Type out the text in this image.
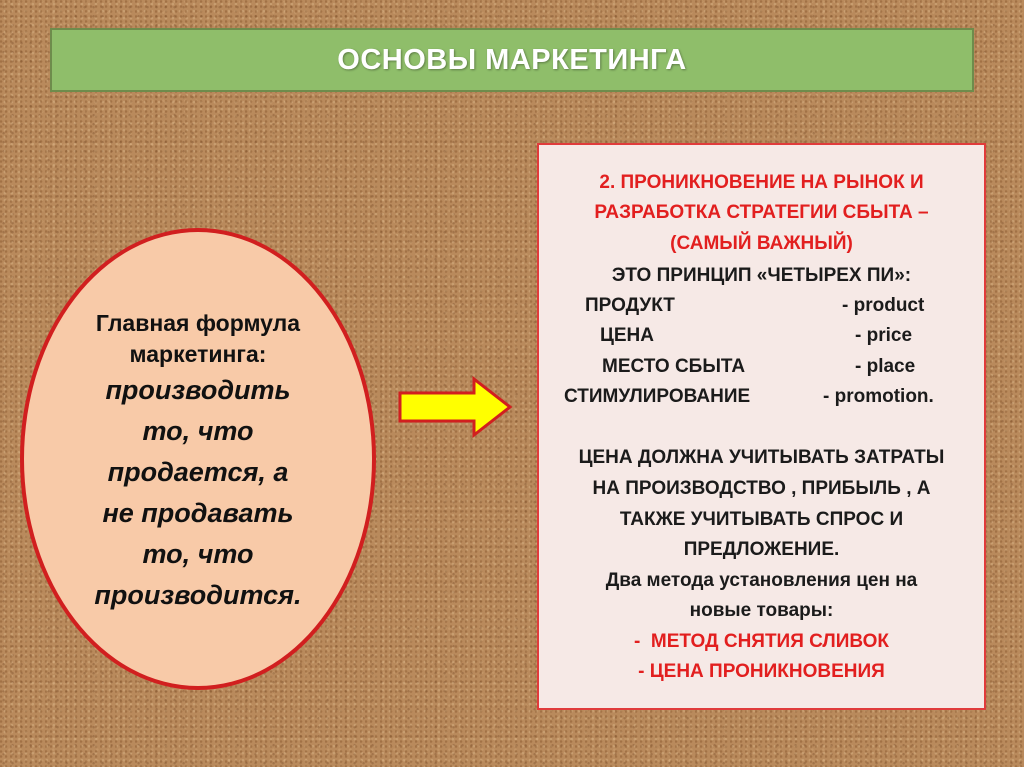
ОСНОВЫ МАРКЕТИНГА
Главная формула
маркетинга:
производить
то, что
продается, а
не продавать
то, что
производится.
2. ПРОНИКНОВЕНИЕ НА РЫНОК И
РАЗРАБОТКА СТРАТЕГИИ СБЫТА –
(САМЫЙ ВАЖНЫЙ)
ЭТО ПРИНЦИП «ЧЕТЫРЕХ ПИ»:
ПРОДУКТ	- product
ЦЕНА	- price
МЕСТО СБЫТА	- place
СТИМУЛИРОВАНИЕ	- promotion.
ЦЕНА ДОЛЖНА УЧИТЫВАТЬ ЗАТРАТЫ
НА ПРОИЗВОДСТВО , ПРИБЫЛЬ , А
ТАКЖЕ УЧИТЫВАТЬ СПРОС И
ПРЕДЛОЖЕНИЕ.
Два метода установления цен на
новые товары:
- МЕТОД СНЯТИЯ СЛИВОК
- ЦЕНА ПРОНИКНОВЕНИЯ
